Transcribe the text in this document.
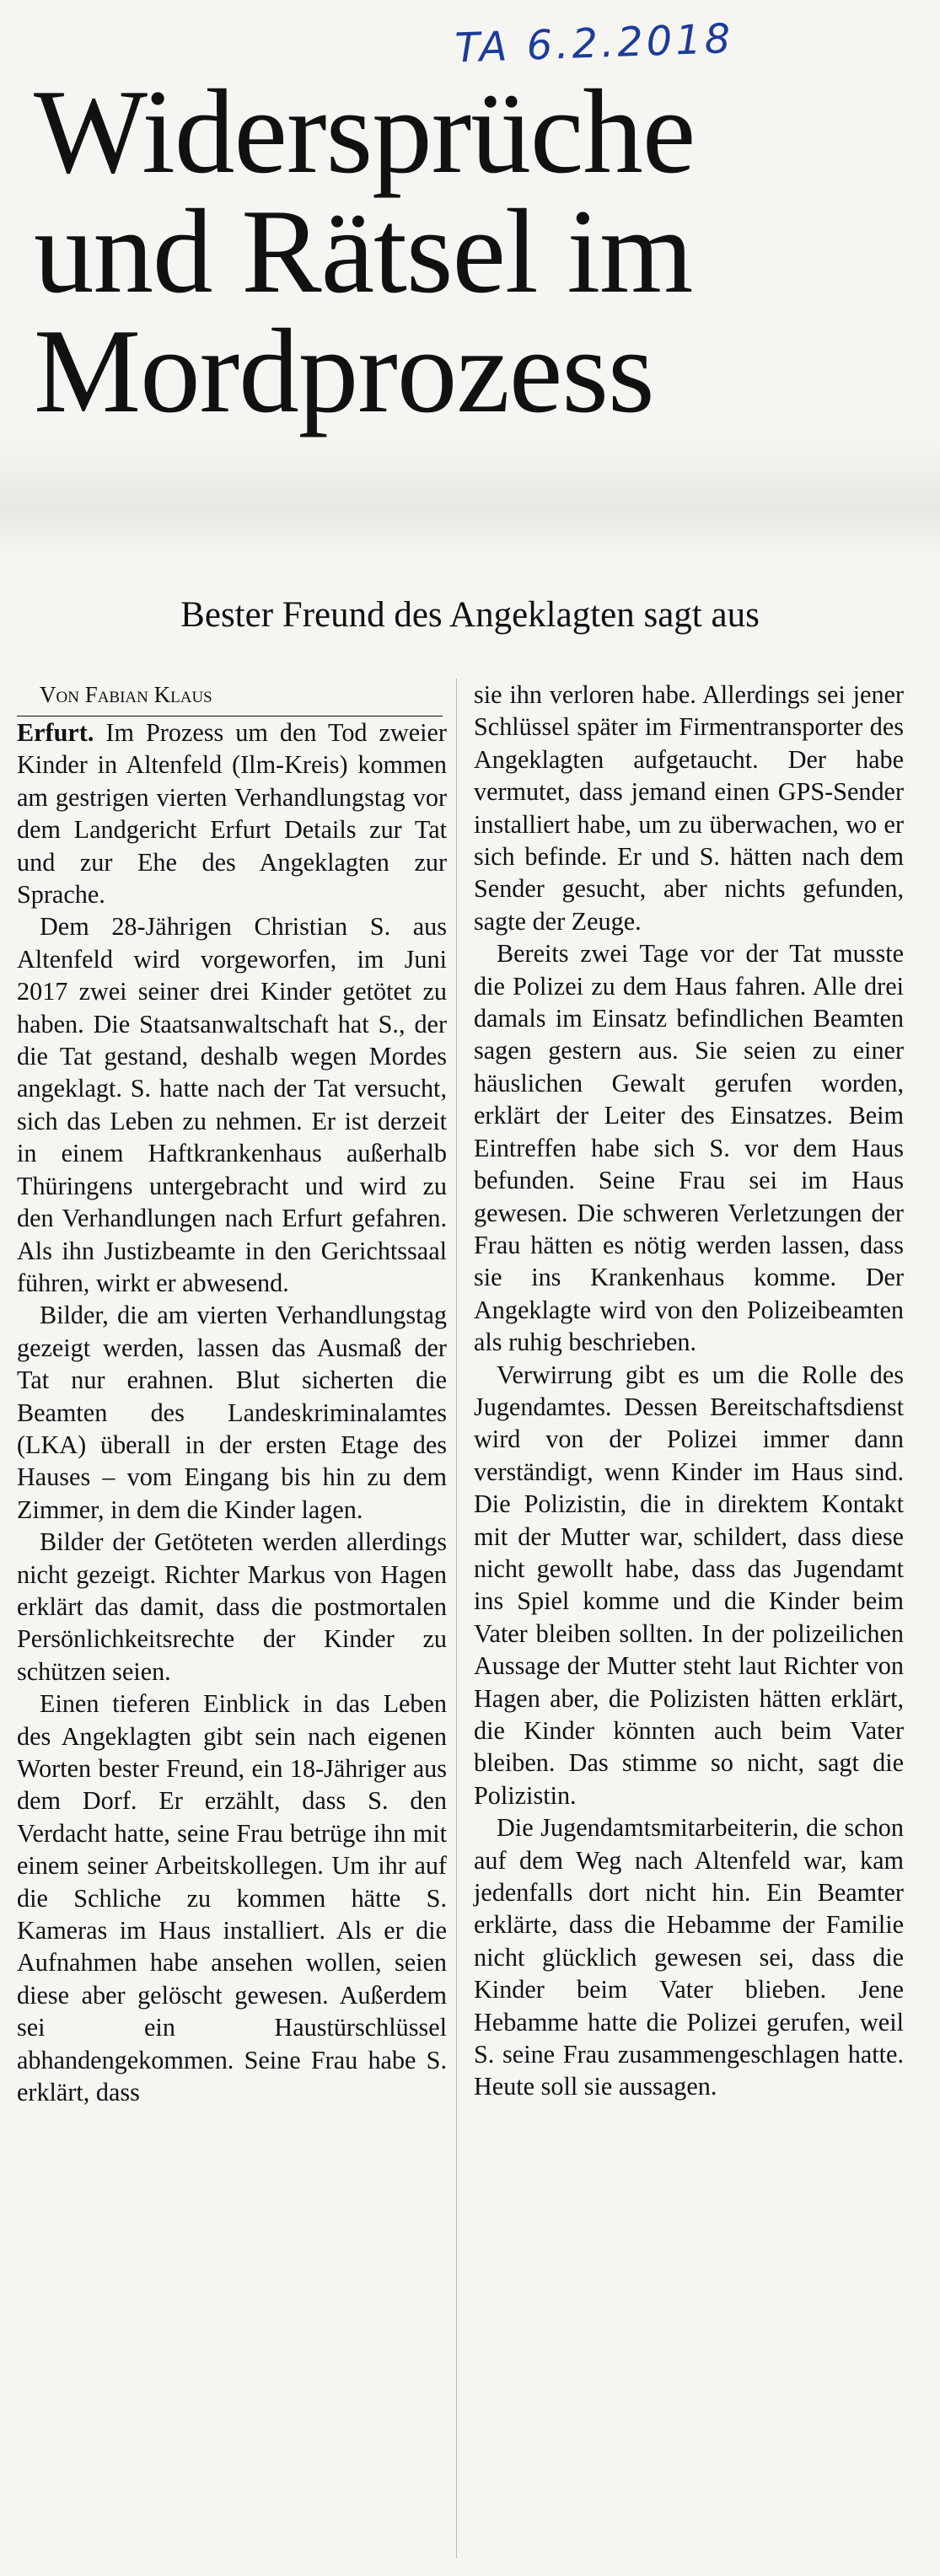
TA 6.2.2018
Widersprüche
und Rätsel im
Mordprozess
Bester Freund des Angeklagten sagt aus

Von Fabian Klaus

Erfurt. Im Prozess um den Tod zweier Kinder in Altenfeld (Ilm-Kreis) kommen am gestrigen vierten Verhandlungstag vor dem Landgericht Erfurt Details zur Tat und zur Ehe des Angeklagten zur Sprache.

Dem 28-Jährigen Christian S. aus Altenfeld wird vorgeworfen, im Juni 2017 zwei seiner drei Kinder getötet zu haben. Die Staatsanwaltschaft hat S., der die Tat gestand, deshalb wegen Mordes angeklagt. S. hatte nach der Tat versucht, sich das Leben zu nehmen. Er ist derzeit in einem Haftkrankenhaus außerhalb Thüringens untergebracht und wird zu den Verhandlungen nach Erfurt gefahren. Als ihn Justizbeamte in den Gerichtssaal führen, wirkt er abwesend.

Bilder, die am vierten Verhandlungstag gezeigt werden, lassen das Ausmaß der Tat nur erahnen. Blut sicherten die Beamten des Landeskriminalamtes (LKA) überall in der ersten Etage des Hauses – vom Eingang bis hin zu dem Zimmer, in dem die Kinder lagen.

Bilder der Getöteten werden allerdings nicht gezeigt. Richter Markus von Hagen erklärt das damit, dass die postmortalen Persönlichkeitsrechte der Kinder zu schützen seien.

Einen tieferen Einblick in das Leben des Angeklagten gibt sein nach eigenen Worten bester Freund, ein 18-Jähriger aus dem Dorf. Er erzählt, dass S. den Verdacht hatte, seine Frau betrüge ihn mit einem seiner Arbeitskollegen. Um ihr auf die Schliche zu kommen hätte S. Kameras im Haus installiert. Als er die Aufnahmen habe ansehen wollen, seien diese aber gelöscht gewesen. Außerdem sei ein Haustürschlüssel abhandengekommen. Seine Frau habe S. erklärt, dass

sie ihn verloren habe. Allerdings sei jener Schlüssel später im Firmentransporter des Angeklagten aufgetaucht. Der habe vermutet, dass jemand einen GPS-Sender installiert habe, um zu überwachen, wo er sich befinde. Er und S. hätten nach dem Sender gesucht, aber nichts gefunden, sagte der Zeuge.

Bereits zwei Tage vor der Tat musste die Polizei zu dem Haus fahren. Alle drei damals im Einsatz befindlichen Beamten sagen gestern aus. Sie seien zu einer häuslichen Gewalt gerufen worden, erklärt der Leiter des Einsatzes. Beim Eintreffen habe sich S. vor dem Haus befunden. Seine Frau sei im Haus gewesen. Die schweren Verletzungen der Frau hätten es nötig werden lassen, dass sie ins Krankenhaus komme. Der Angeklagte wird von den Polizeibeamten als ruhig beschrieben.

Verwirrung gibt es um die Rolle des Jugendamtes. Dessen Bereitschaftsdienst wird von der Polizei immer dann verständigt, wenn Kinder im Haus sind. Die Polizistin, die in direktem Kontakt mit der Mutter war, schildert, dass diese nicht gewollt habe, dass das Jugendamt ins Spiel komme und die Kinder beim Vater bleiben sollten. In der polizeilichen Aussage der Mutter steht laut Richter von Hagen aber, die Polizisten hätten erklärt, die Kinder könnten auch beim Vater bleiben. Das stimme so nicht, sagt die Polizistin.

Die Jugendamtsmitarbeiterin, die schon auf dem Weg nach Altenfeld war, kam jedenfalls dort nicht hin. Ein Beamter erklärte, dass die Hebamme der Familie nicht glücklich gewesen sei, dass die Kinder beim Vater blieben. Jene Hebamme hatte die Polizei gerufen, weil S. seine Frau zusammengeschlagen hatte. Heute soll sie aussagen.
